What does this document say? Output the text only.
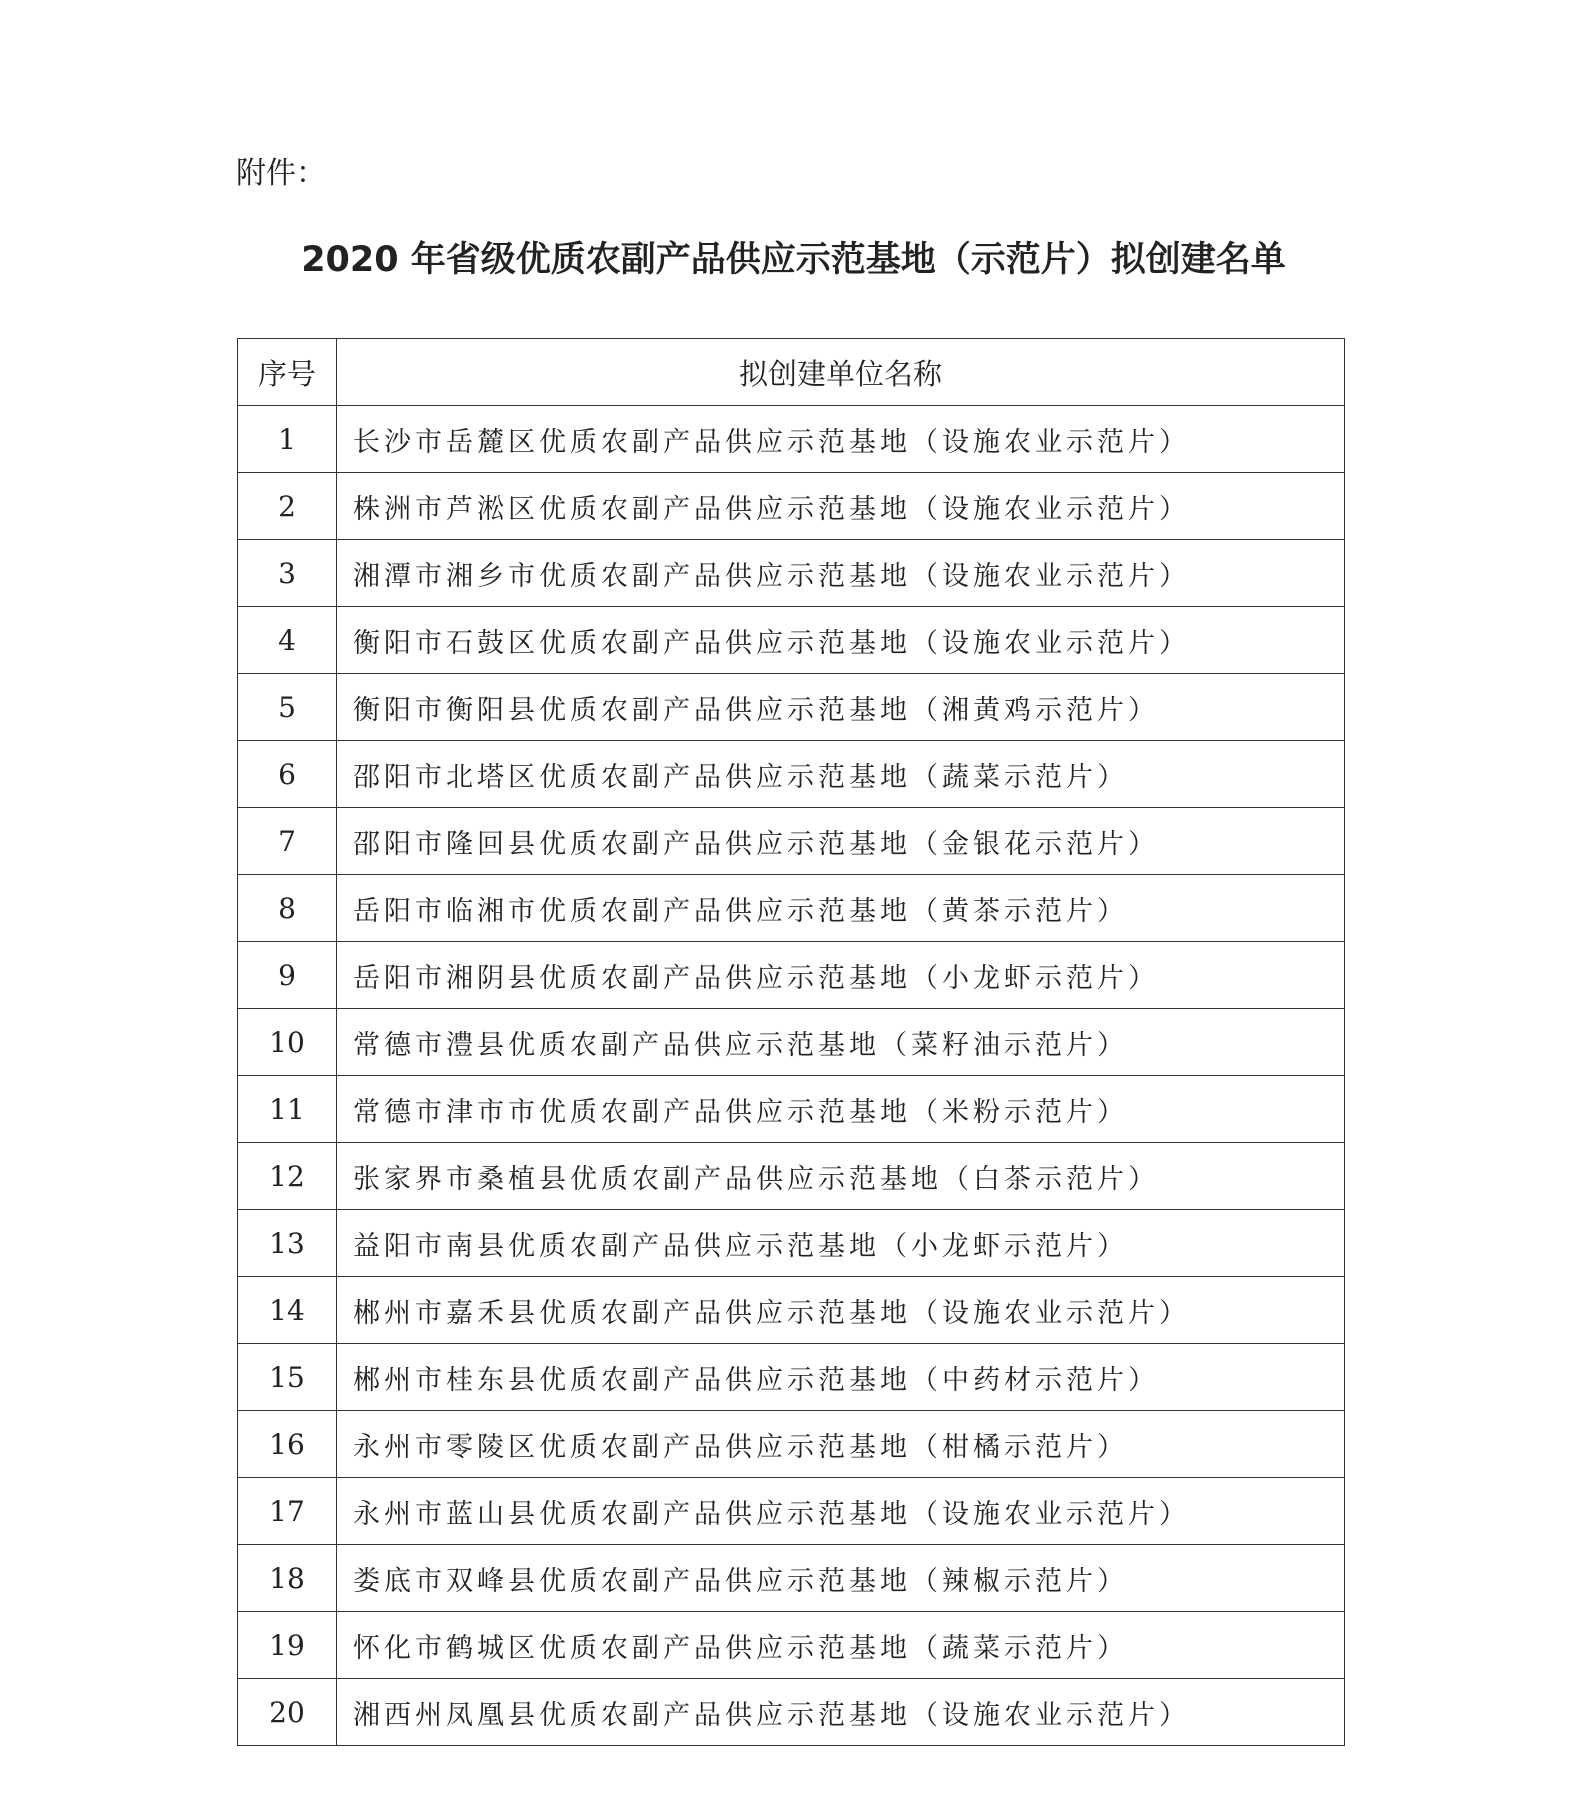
附件：
2020 年省级优质农副产品供应示范基地（示范片）拟创建名单
序号	拟创建单位名称
1	长沙市岳麓区优质农副产品供应示范基地（设施农业示范片）
2	株洲市芦淞区优质农副产品供应示范基地（设施农业示范片）
3	湘潭市湘乡市优质农副产品供应示范基地（设施农业示范片）
4	衡阳市石鼓区优质农副产品供应示范基地（设施农业示范片）
5	衡阳市衡阳县优质农副产品供应示范基地（湘黄鸡示范片）
6	邵阳市北塔区优质农副产品供应示范基地（蔬菜示范片）
7	邵阳市隆回县优质农副产品供应示范基地（金银花示范片）
8	岳阳市临湘市优质农副产品供应示范基地（黄茶示范片）
9	岳阳市湘阴县优质农副产品供应示范基地（小龙虾示范片）
10	常德市澧县优质农副产品供应示范基地（菜籽油示范片）
11	常德市津市市优质农副产品供应示范基地（米粉示范片）
12	张家界市桑植县优质农副产品供应示范基地（白茶示范片）
13	益阳市南县优质农副产品供应示范基地（小龙虾示范片）
14	郴州市嘉禾县优质农副产品供应示范基地（设施农业示范片）
15	郴州市桂东县优质农副产品供应示范基地（中药材示范片）
16	永州市零陵区优质农副产品供应示范基地（柑橘示范片）
17	永州市蓝山县优质农副产品供应示范基地（设施农业示范片）
18	娄底市双峰县优质农副产品供应示范基地（辣椒示范片）
19	怀化市鹤城区优质农副产品供应示范基地（蔬菜示范片）
20	湘西州凤凰县优质农副产品供应示范基地（设施农业示范片）
